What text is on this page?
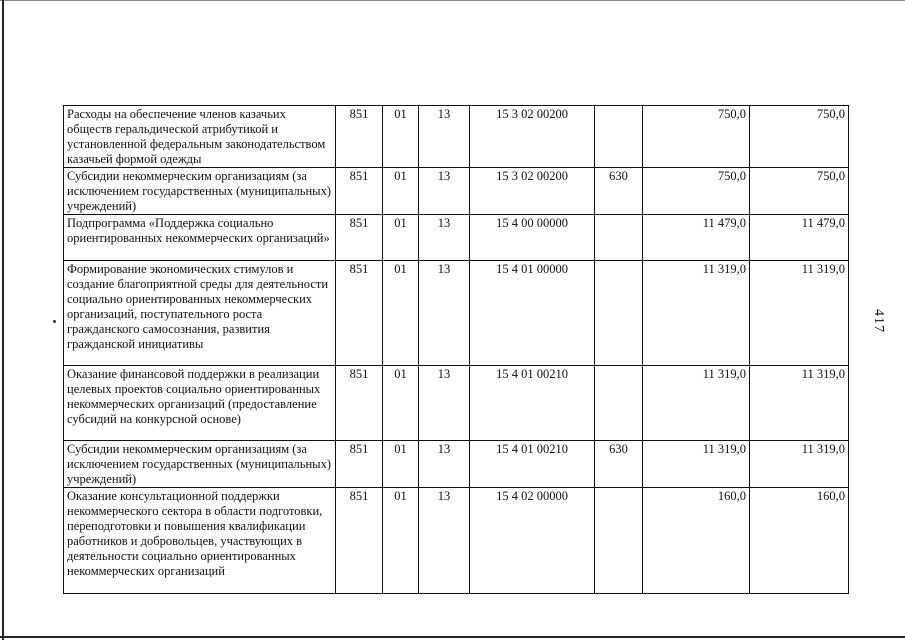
417
Расходы на обеспечение членов казачьих обществ геральдической атрибутикой и установленной федеральным законодательством казачьей формой одежды	851	01	13	15 3 02 00200		750,0	750,0
Субсидии некоммерческим организациям (за исключением государственных (муниципальных) учреждений)	851	01	13	15 3 02 00200	630	750,0	750,0
Подпрограмма «Поддержка социально ориентированных некоммерческих организаций»	851	01	13	15 4 00 00000		11 479,0	11 479,0
Формирование экономических стимулов и создание благоприятной среды для деятельности социально ориентированных некоммерческих организаций, поступательного роста гражданского самосознания, развития гражданской инициативы	851	01	13	15 4 01 00000		11 319,0	11 319,0
Оказание финансовой поддержки в реализации целевых проектов социально ориентированных некоммерческих организаций (предоставление субсидий на конкурсной основе)	851	01	13	15 4 01 00210		11 319,0	11 319,0
Субсидии некоммерческим организациям (за исключением государственных (муниципальных) учреждений)	851	01	13	15 4 01 00210	630	11 319,0	11 319,0
Оказание консультационной поддержки некоммерческого сектора в области подготовки, переподготовки и повышения квалификации работников и добровольцев, участвующих в деятельности социально ориентированных некоммерческих организаций	851	01	13	15 4 02 00000		160,0	160,0
